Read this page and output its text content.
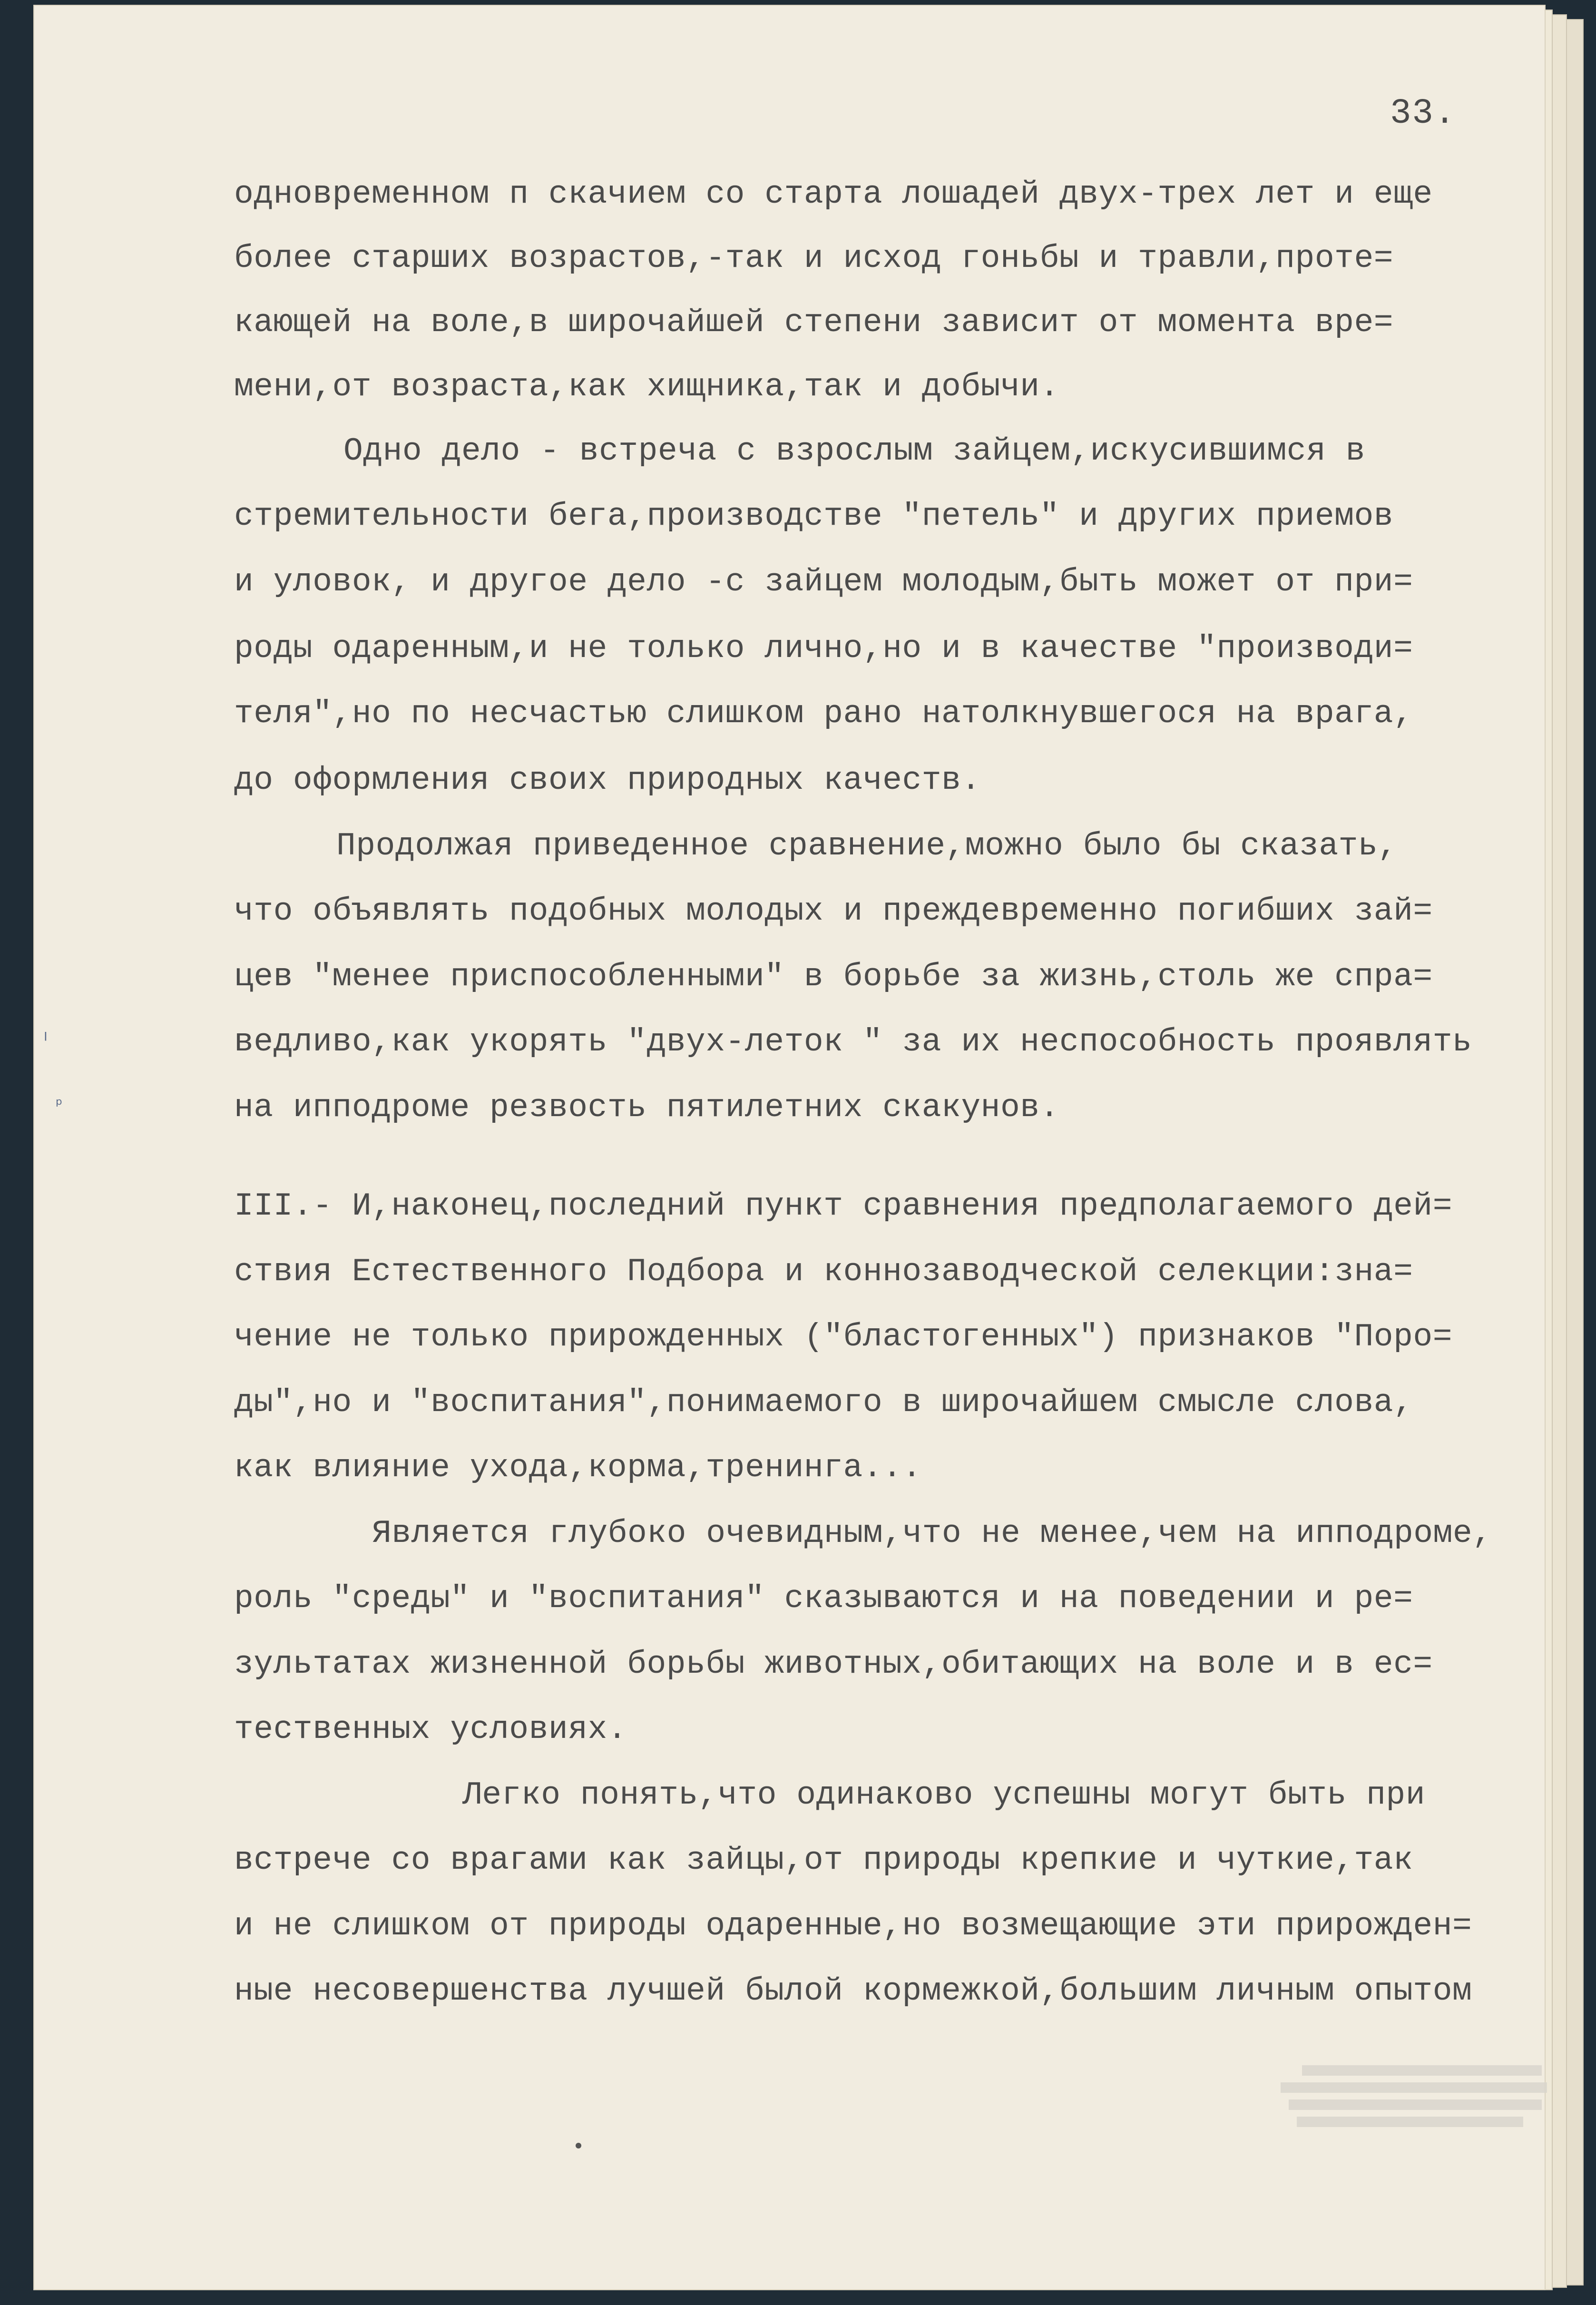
33.
одновременном п скачием со старта лошадей двух-трех лет и еще
более старших возрастов,-так и исход гоньбы и травли,проте=
кающей на воле,в широчайшей степени зависит от момента вре=
мени,от возраста,как хищника,так и добычи.
Одно дело - встреча с взрослым зайцем,искусившимся в
стремительности бега,производстве "петель" и других приемов
и уловок, и другое дело -с зайцем молодым,быть может от при=
роды одаренным,и не только лично,но и в качестве "производи=
теля",но по несчастью слишком рано натолкнувшегося на врага,
до оформления своих природных качеств.
Продолжая приведенное сравнение,можно было бы сказать,
что объявлять подобных молодых и преждевременно погибших зай=
цев "менее приспособленными" в борьбе за жизнь,столь же спра=
ведливо,как укорять "двух-леток " за их неспособность проявлять
на ипподроме резвость пятилетних скакунов.
III.- И,наконец,последний пункт сравнения предполагаемого дей=
ствия Естественного Подбора и коннозаводческой селекции:зна=
чение не только прирожденных ("бластогенных") признаков "Поро=
ды",но и "воспитания",понимаемого в широчайшем смысле слова,
как влияние ухода,корма,тренинга...
Является глубоко очевидным,что не менее,чем на ипподроме,
роль "среды" и "воспитания" сказываются и на поведении и ре=
зультатах жизненной борьбы животных,обитающих на воле и в ес=
тественных условиях.
Легко понять,что одинаково успешны могут быть при
встрече со врагами как зайцы,от природы крепкие и чуткие,так
и не слишком от природы одаренные,но возмещающие эти прирожден=
ные несовершенства лучшей былой кормежкой,большим личным опытом
ˡ
ᵖ
